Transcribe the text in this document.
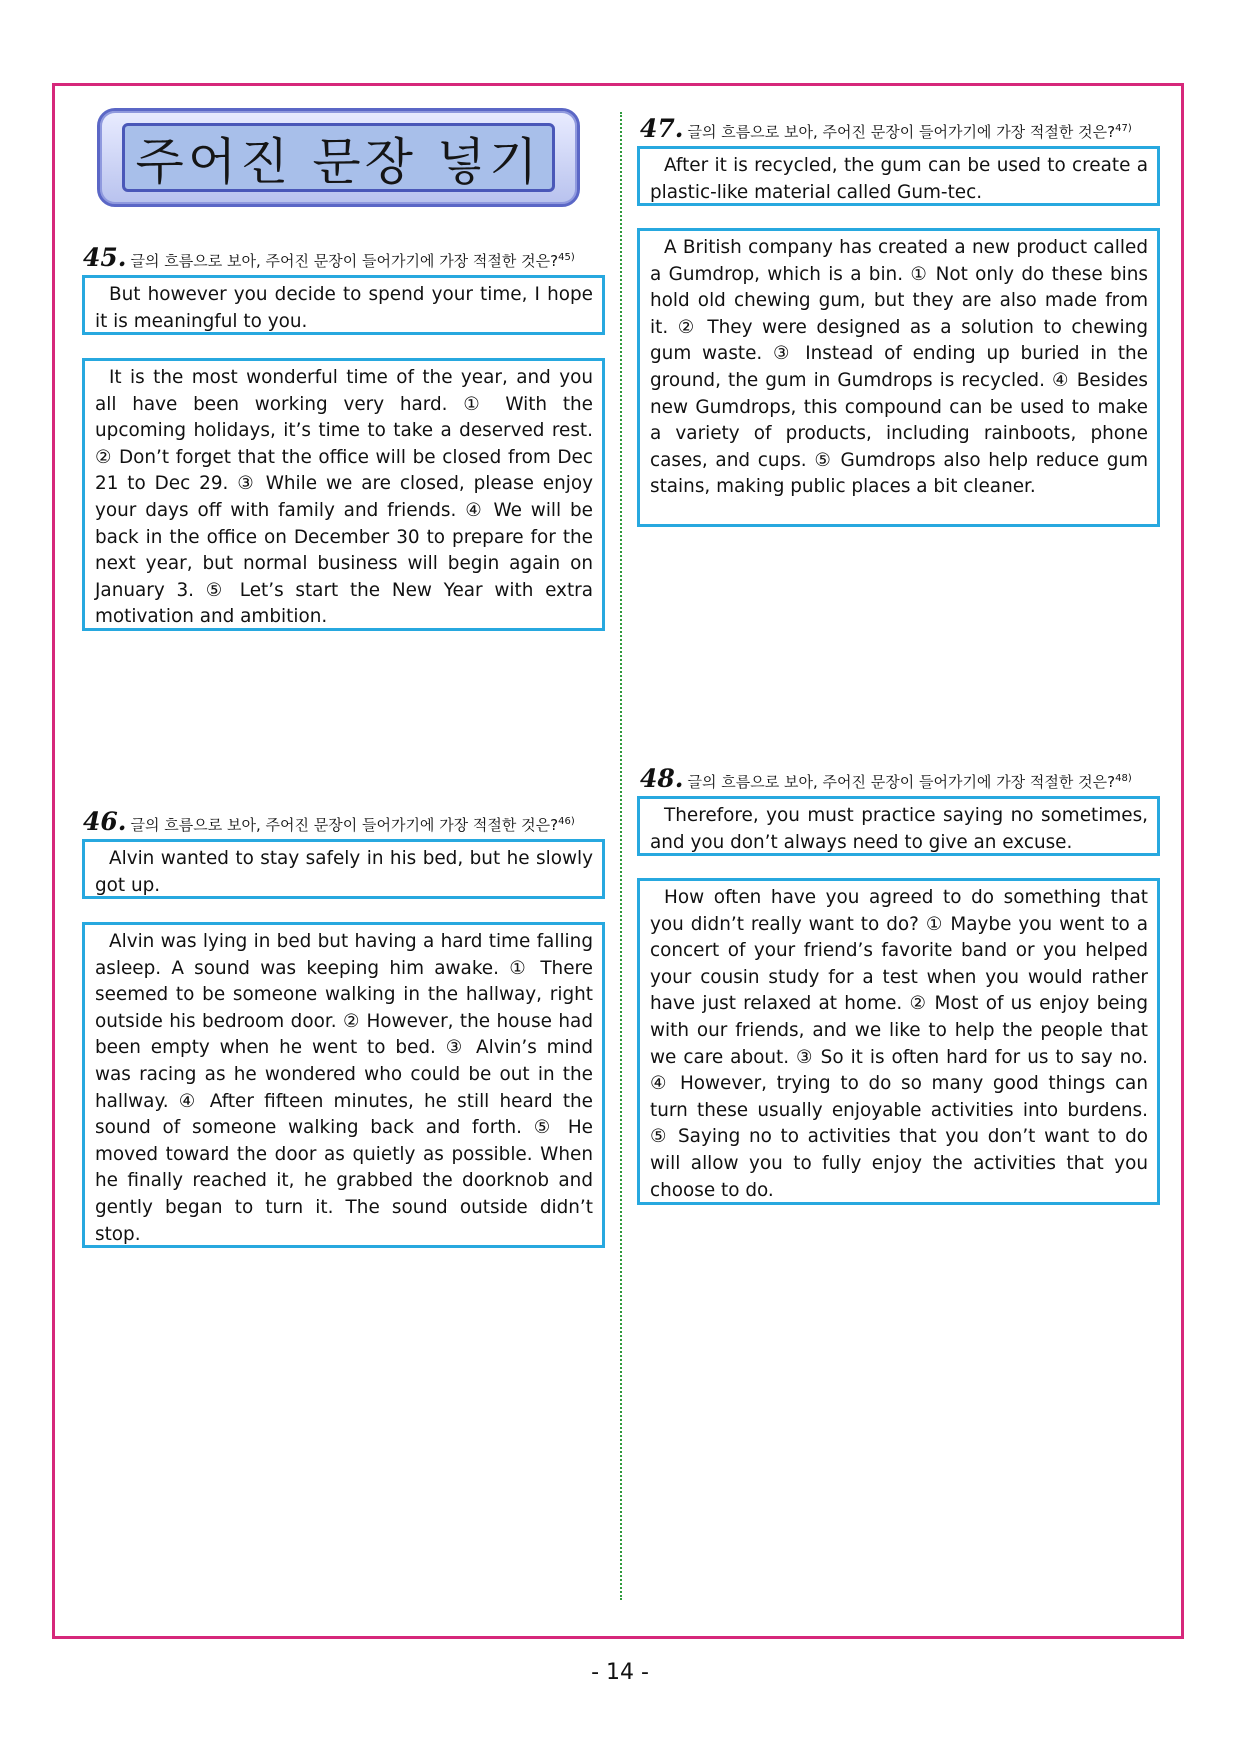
주어진 문장 넣기
45. 글의 흐름으로 보아, 주어진 문장이 들어가기에 가장 적절한 것은?$^{45)}$

But however you decide to spend your time, I hope it is meaningful to you.

It is the most wonderful time of the year, and you all have been working very hard. ① With the upcoming holidays, it’s time to take a deserved rest. ② Don’t forget that the office will be closed from Dec 21 to Dec 29. ③ While we are closed, please enjoy your days off with family and friends. ④ We will be back in the office on December 30 to prepare for the next year, but normal business will begin again on January 3. ⑤ Let’s start the New Year with extra motivation and ambition.

46. 글의 흐름으로 보아, 주어진 문장이 들어가기에 가장 적절한 것은?$^{46)}$

Alvin wanted to stay safely in his bed, but he slowly got up.

Alvin was lying in bed but having a hard time falling asleep. A sound was keeping him awake. ① There seemed to be someone walking in the hallway, right outside his bedroom door. ② However, the house had been empty when he went to bed. ③ Alvin’s mind was racing as he wondered who could be out in the hallway. ④ After fifteen minutes, he still heard the sound of someone walking back and forth. ⑤ He moved toward the door as quietly as possible. When he finally reached it, he grabbed the doorknob and gently began to turn it. The sound outside didn’t stop.

47. 글의 흐름으로 보아, 주어진 문장이 들어가기에 가장 적절한 것은?$^{47)}$

After it is recycled, the gum can be used to create a plastic-like material called Gum-tec.

A British company has created a new product called a Gumdrop, which is a bin. ① Not only do these bins hold old chewing gum, but they are also made from it. ② They were designed as a solution to chewing gum waste. ③ Instead of ending up buried in the ground, the gum in Gumdrops is recycled. ④ Besides new Gumdrops, this compound can be used to make a variety of products, including rainboots, phone cases, and cups. ⑤ Gumdrops also help reduce gum stains, making public places a bit cleaner.

48. 글의 흐름으로 보아, 주어진 문장이 들어가기에 가장 적절한 것은?$^{48)}$

Therefore, you must practice saying no sometimes, and you don’t always need to give an excuse.

How often have you agreed to do something that you didn’t really want to do? ① Maybe you went to a concert of your friend’s favorite band or you helped your cousin study for a test when you would rather have just relaxed at home. ② Most of us enjoy being with our friends, and we like to help the people that we care about. ③ So it is often hard for us to say no. ④ However, trying to do so many good things can turn these usually enjoyable activities into burdens. ⑤ Saying no to activities that you don’t want to do will allow you to fully enjoy the activities that you choose to do.

- 14 -
